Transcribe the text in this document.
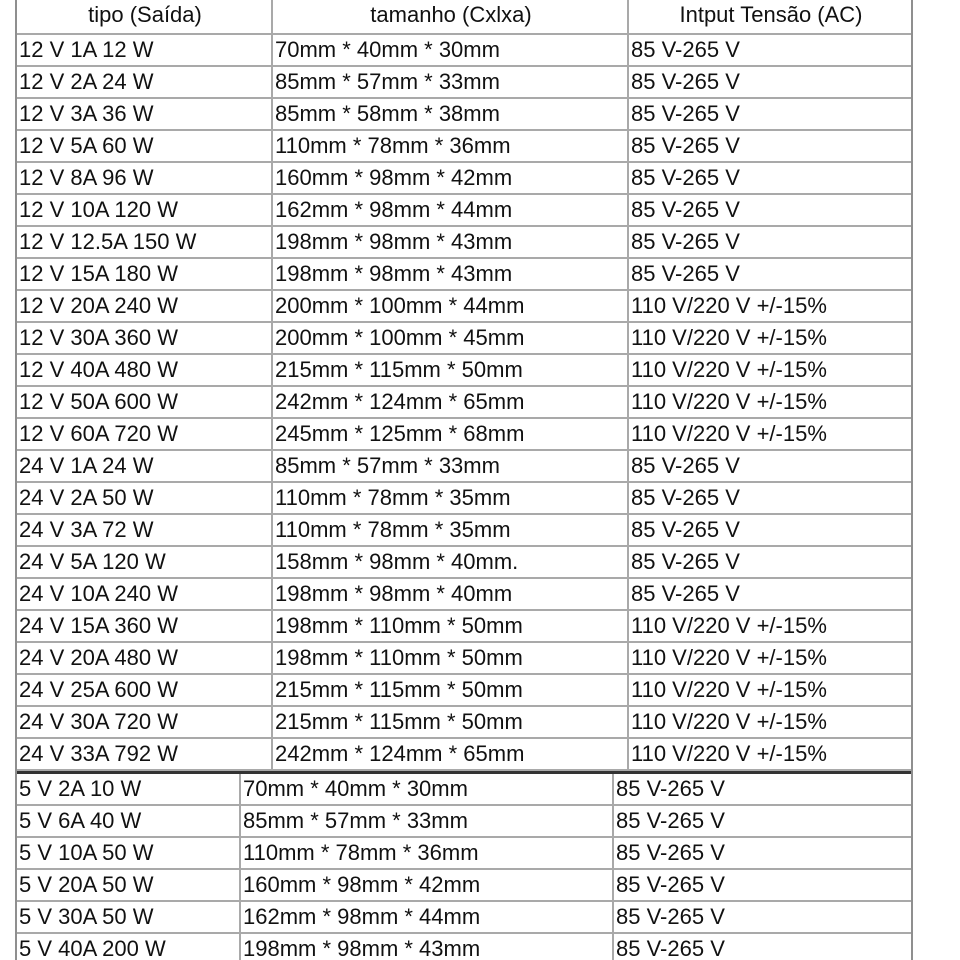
tipo (Saída)	tamanho (Cxlxa)	Intput Tensão (AC)
12 V 1A 12 W	70mm * 40mm * 30mm	85 V-265 V
12 V 2A 24 W	85mm * 57mm * 33mm	85 V-265 V
12 V 3A 36 W	85mm * 58mm * 38mm	85 V-265 V
12 V 5A 60 W	110mm * 78mm * 36mm	85 V-265 V
12 V 8A 96 W	160mm * 98mm * 42mm	85 V-265 V
12 V 10A 120 W	162mm * 98mm * 44mm	85 V-265 V
12 V 12.5A 150 W	198mm * 98mm * 43mm	85 V-265 V
12 V 15A 180 W	198mm * 98mm * 43mm	85 V-265 V
12 V 20A 240 W	200mm * 100mm * 44mm	110 V/220 V +/-15%
12 V 30A 360 W	200mm * 100mm * 45mm	110 V/220 V +/-15%
12 V 40A 480 W	215mm * 115mm * 50mm	110 V/220 V +/-15%
12 V 50A 600 W	242mm * 124mm * 65mm	110 V/220 V +/-15%
12 V 60A 720 W	245mm * 125mm * 68mm	110 V/220 V +/-15%
24 V 1A 24 W	85mm * 57mm * 33mm	85 V-265 V
24 V 2A 50 W	110mm * 78mm * 35mm	85 V-265 V
24 V 3A 72 W	110mm * 78mm * 35mm	85 V-265 V
24 V 5A 120 W	158mm * 98mm * 40mm.	85 V-265 V
24 V 10A 240 W	198mm * 98mm * 40mm	85 V-265 V
24 V 15A 360 W	198mm * 110mm * 50mm	110 V/220 V +/-15%
24 V 20A 480 W	198mm * 110mm * 50mm	110 V/220 V +/-15%
24 V 25A 600 W	215mm * 115mm * 50mm	110 V/220 V +/-15%
24 V 30A 720 W	215mm * 115mm * 50mm	110 V/220 V +/-15%
24 V 33A 792 W	242mm * 124mm * 65mm	110 V/220 V +/-15%
5 V 2A 10 W	70mm * 40mm * 30mm	85 V-265 V
5 V 6A 40 W	85mm * 57mm * 33mm	85 V-265 V
5 V 10A 50 W	110mm * 78mm * 36mm	85 V-265 V
5 V 20A 50 W	160mm * 98mm * 42mm	85 V-265 V
5 V 30A 50 W	162mm * 98mm * 44mm	85 V-265 V
5 V 40A 200 W	198mm * 98mm * 43mm	85 V-265 V
